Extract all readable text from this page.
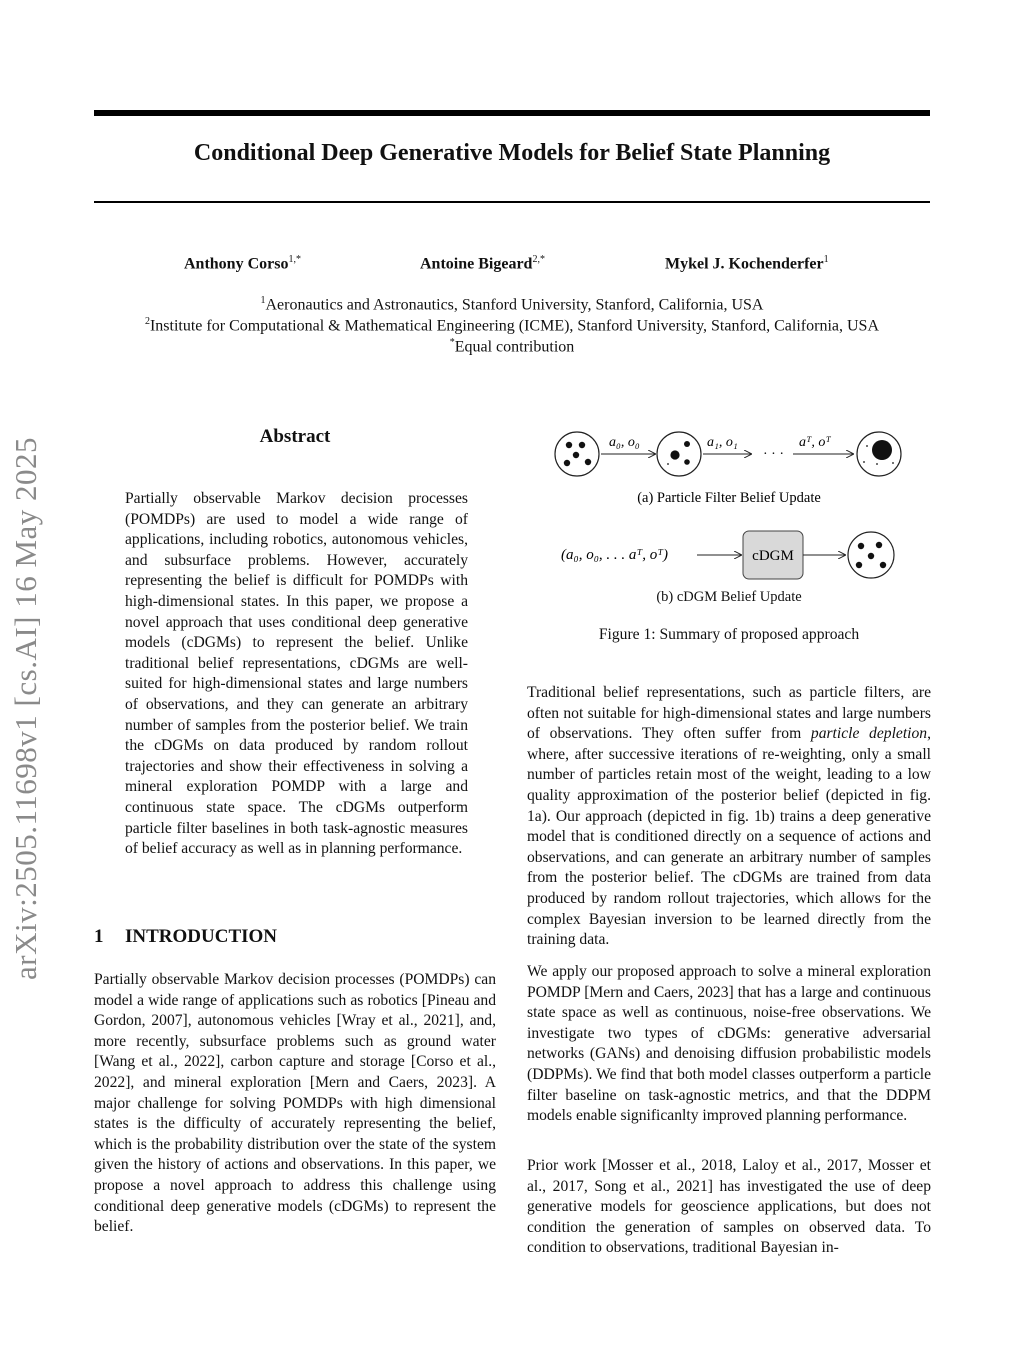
arXiv:2505.11698v1 [cs.AI] 16 May 2025
Conditional Deep Generative Models for Belief State Planning
Anthony Corso$^{1,*}$	Antoine Bigeard$^{2,*}$	Mykel J. Kochenderfer$^1$
$^1$Aeronautics and Astronautics, Stanford University, Stanford, California, USA
$^2$Institute for Computational & Mathematical Engineering (ICME), Stanford University, Stanford, California, USA
*Equal contribution
Abstract
Partially observable Markov decision processes (POMDPs) are used to model a wide range of applications, including robotics, autonomous vehicles, and subsurface problems. However, accurately representing the belief is difficult for POMDPs with high-dimensional states. In this paper, we propose a novel approach that uses conditional deep generative models (cDGMs) to represent the belief. Unlike traditional belief representations, cDGMs are well-suited for high-dimensional states and large numbers of observations, and they can generate an arbitrary number of samples from the posterior belief. We train the cDGMs on data produced by random rollout trajectories and show their effectiveness in solving a mineral exploration POMDP with a large and continuous state space. The cDGMs outperform particle filter baselines in both task-agnostic measures of belief accuracy as well as in planning performance.
1 INTRODUCTION
Partially observable Markov decision processes (POMDPs) can model a wide range of applications such as robotics [Pineau and Gordon, 2007], autonomous vehicles [Wray et al., 2021], and, more recently, subsurface problems such as ground water [Wang et al., 2022], carbon capture and storage [Corso et al., 2022], and mineral exploration [Mern and Caers, 2023]. A major challenge for solving POMDPs with high dimensional states is the difficulty of accurately representing the belief, which is the probability distribution over the state of the system given the history of actions and observations. In this paper, we propose a novel approach to address this challenge using conditional deep generative models (cDGMs) to represent the belief.
a₀, o₀	a₁, o₁
· · ·
aᵀ, oᵀ
(a) Particle Filter Belief Update
(a₀, o₀, . . . aᵀ, oᵀ)	cDGM
(b) cDGM Belief Update
Figure 1: Summary of proposed approach

Traditional belief representations, such as particle filters, are often not suitable for high-dimensional states and large numbers of observations. They often suffer from particle depletion, where, after successive iterations of re-weighting, only a small number of particles retain most of the weight, leading to a low quality approximation of the posterior belief (depicted in fig. 1a). Our approach (depicted in fig. 1b) trains a deep generative model that is conditioned directly on a sequence of actions and observations, and can generate an arbitrary number of samples from the posterior belief. The cDGMs are trained from data produced by random rollout trajectories, which allows for the complex Bayesian inversion to be learned directly from the training data.

We apply our proposed approach to solve a mineral exploration POMDP [Mern and Caers, 2023] that has a large and continuous state space as well as continuous, noise-free observations. We investigate two types of cDGMs: generative adversarial networks (GANs) and denoising diffusion probabilistic models (DDPMs). We find that both model classes outperform a particle filter baseline on task-agnostic metrics, and that the DDPM models enable significanlty improved planning performance.
Prior work [Mosser et al., 2018, Laloy et al., 2017, Mosser et al., 2017, Song et al., 2021] has investigated the use of deep generative models for geoscience applications, but does not condition the generation of samples on observed data. To condition to observations, traditional Bayesian in-
